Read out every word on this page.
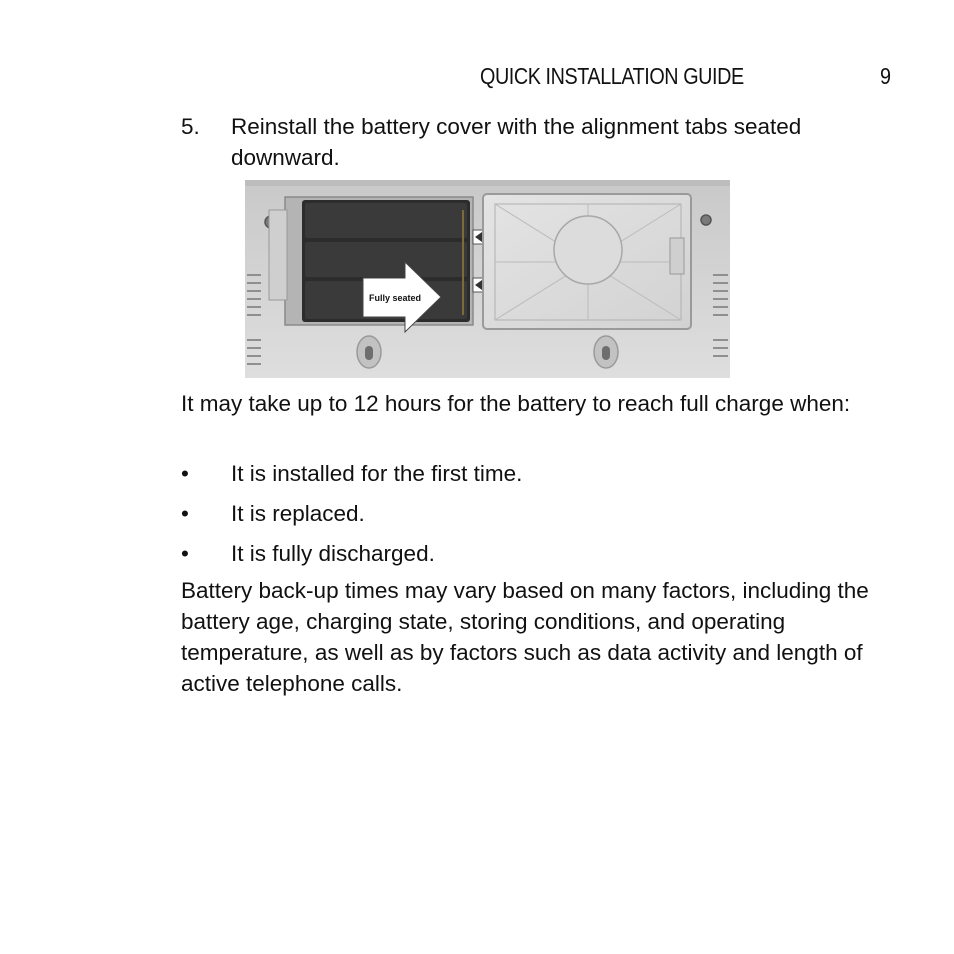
QUICK INSTALLATION GUIDE	9
5. Reinstall the battery cover with the alignment tabs seated downward.
Fully seated
It may take up to 12 hours for the battery to reach full charge when:
• It is installed for the first time.
• It is replaced.
• It is fully discharged.
Battery back-up times may vary based on many factors, including the battery age, charging state, storing conditions, and operating temperature, as well as by factors such as data activity and length of active telephone calls.
